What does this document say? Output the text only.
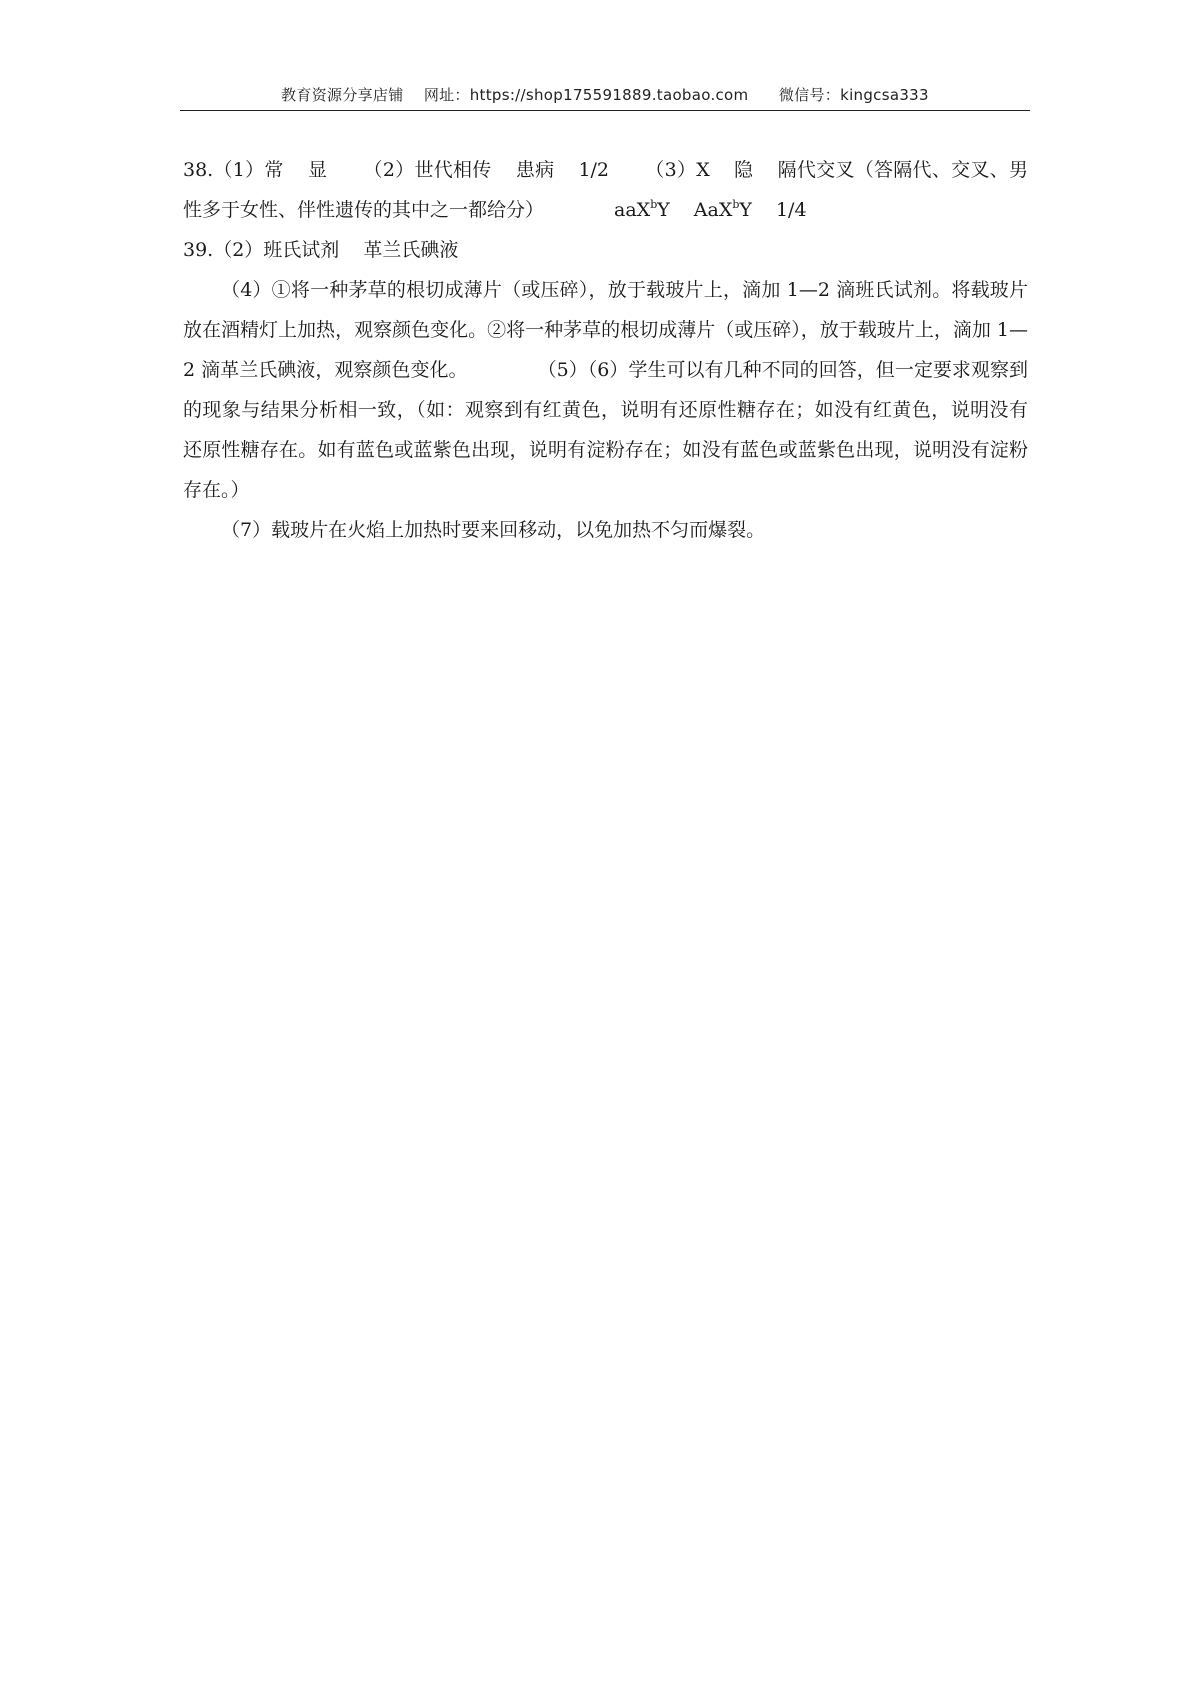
教育资源分享店铺 网址：https://shop175591889.taobao.com 微信号：kingcsa333

38.（1）常 显 （2）世代相传 患病 1/2 （3）X 隐 隔代交叉（答隔代、交叉、男性多于女性、伴性遗传的其中之一都给分）	aaX$^b$Y AaX$^b$Y 1/4

39.（2）班氏试剂 革兰氏碘液

（4）①将一种茅草的根切成薄片（或压碎），放于载玻片上，滴加 1—2 滴班氏试剂。将载玻片放在酒精灯上加热，观察颜色变化。②将一种茅草的根切成薄片（或压碎），放于载玻片上，滴加 1—2 滴革兰氏碘液，观察颜色变化。	（5）（6）学生可以有几种不同的回答，但一定要求观察到的现象与结果分析相一致，（如：观察到有红黄色，说明有还原性糖存在；如没有红黄色，说明没有还原性糖存在。如有蓝色或蓝紫色出现，说明有淀粉存在；如没有蓝色或蓝紫色出现，说明没有淀粉存在。）

（7）载玻片在火焰上加热时要来回移动，以免加热不匀而爆裂。
